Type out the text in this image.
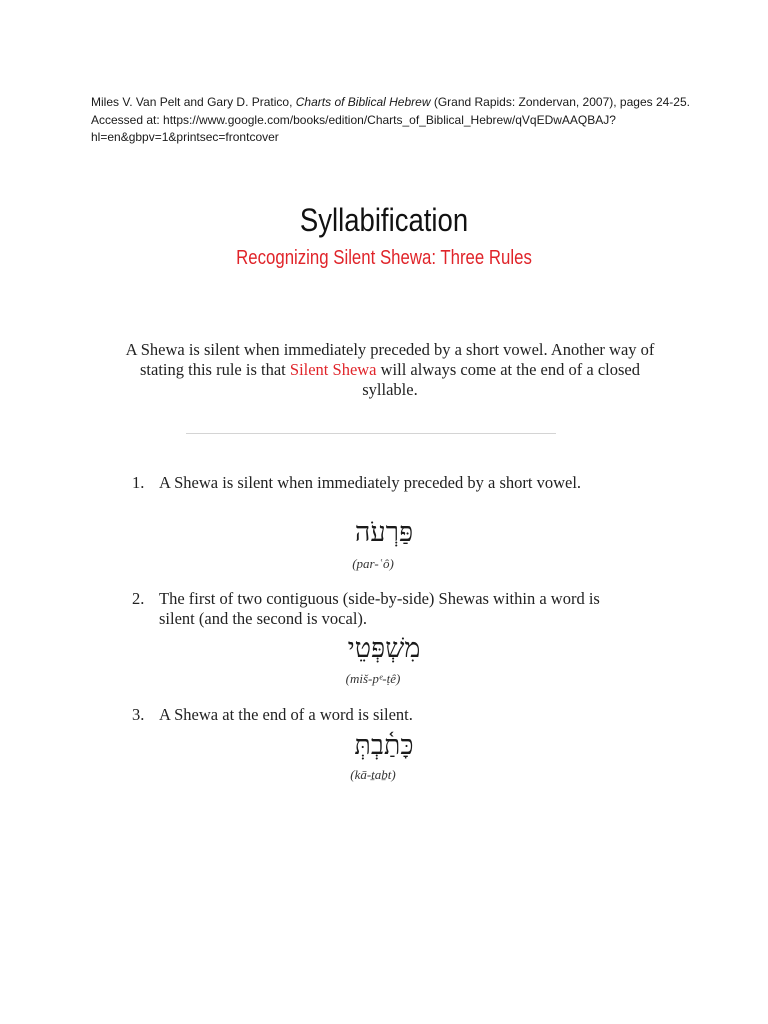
Miles V. Van Pelt and Gary D. Pratico, Charts of Biblical Hebrew (Grand Rapids: Zondervan, 2007), pages 24-25. Accessed at: https://www.google.com/books/edition/Charts_of_Biblical_Hebrew/qVqEDwAAQBAJ?hl=en&gbpv=1&printsec=frontcover
Syllabification
Recognizing Silent Shewa: Three Rules
A Shewa is silent when immediately preceded by a short vowel. Another way of stating this rule is that Silent Shewa will always come at the end of a closed syllable.
1. A Shewa is silent when immediately preceded by a short vowel.
פַּרְעֹה
(par-ʿô)
2. The first of two contiguous (side-by-side) Shewas within a word is silent (and the second is vocal).
מִשְׁפְּטֵי
(miš-pᵉ-ṭê)
3. A Shewa at the end of a word is silent.
כָּתַ֫בְתְּ
(kā-ṯaḇt)
